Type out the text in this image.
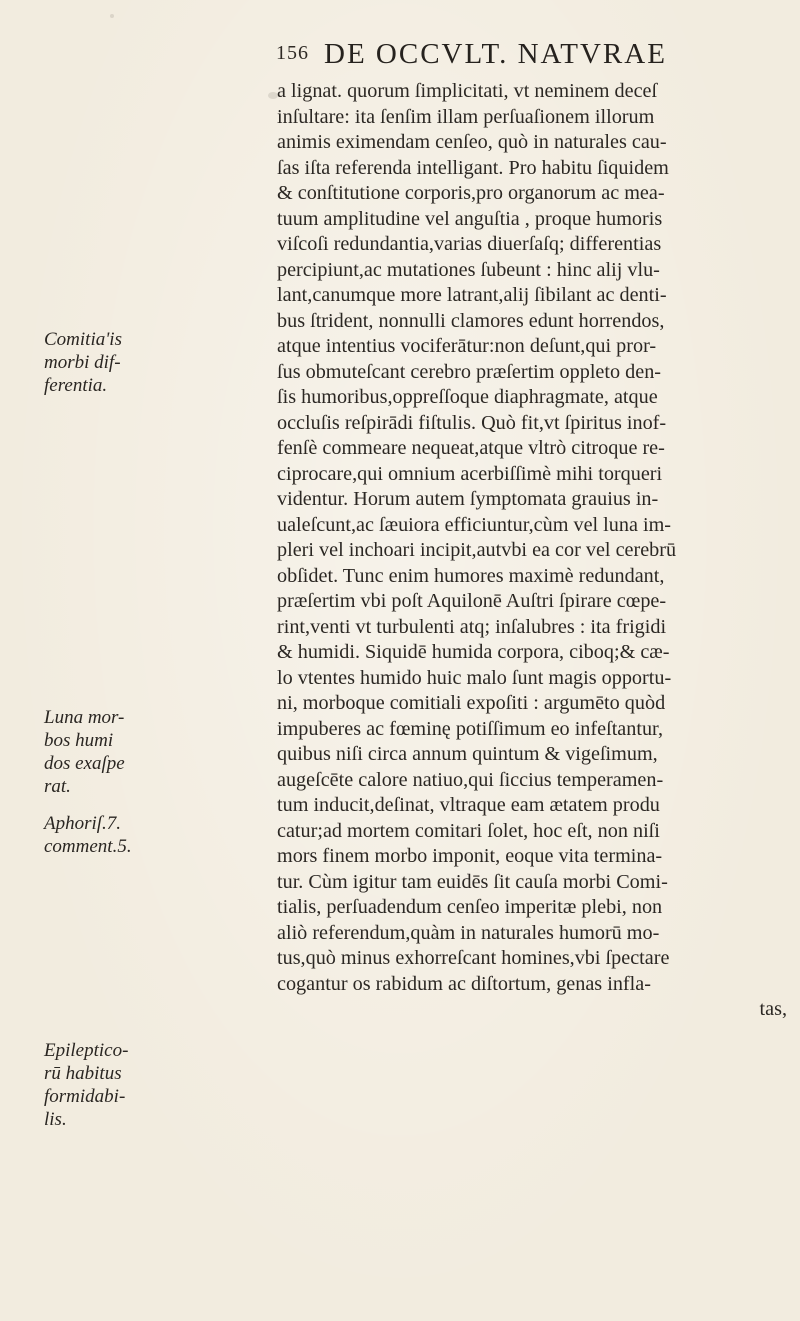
156 DE OCCVLT. NATVRAE
a lignat. quorum ſimplicitati, vt neminem deceſ
inſultare: ita ſenſim illam perſuaſionem illorum
animis eximendam cenſeo, quò in naturales cau-
ſas iſta referenda intelligant. Pro habitu ſiquidem
& conſtitutione corporis,pro organorum ac mea-
tuum amplitudine vel anguſtia , proque humoris
viſcoſi redundantia,varias diuerſaſq; differentias
percipiunt,ac mutationes ſubeunt : hinc alij vlu-
lant,canumque more latrant,alij ſibilant ac denti-
bus ſtrident, nonnulli clamores edunt horrendos,
atque intentius vociferātur:non deſunt,qui pror-
ſus obmuteſcant cerebro præſertim oppleto den-
ſis humoribus,oppreſſoque diaphragmate, atque
occluſis reſpirādi fiſtulis. Quò fit,vt ſpiritus inof-
fenſè commeare nequeat,atque vltrò citroque re-
ciprocare,qui omnium acerbiſſimè mihi torqueri
videntur. Horum autem ſymptomata grauius in-
ualeſcunt,ac ſæuiora efficiuntur,cùm vel luna im-
pleri vel inchoari incipit,autvbi ea cor vel cerebrū
obſidet. Tunc enim humores maximè redundant,
præſertim vbi poſt Aquilonē Auſtri ſpirare cœpe-
rint,venti vt turbulenti atq; inſalubres : ita frigidi
& humidi. Siquidē humida corpora, ciboq;& cæ-
lo vtentes humido huic malo ſunt magis opportu-
ni, morboque comitiali expoſiti : argumēto quòd
impuberes ac fœminę potiſſimum eo infeſtantur,
quibus niſi circa annum quintum & vigeſimum,
augeſcēte calore natiuo,qui ſiccius temperamen-
tum inducit,deſinat, vltraque eam ætatem produ
catur;ad mortem comitari ſolet, hoc eſt, non niſi
mors finem morbo imponit, eoque vita termina-
tur. Cùm igitur tam euidēs ſit cauſa morbi Comi-
tialis, perſuadendum cenſeo imperitæ plebi, non
aliò referendum,quàm in naturales humorū mo-
tus,quò minus exhorreſcant homines,vbi ſpectare
cogantur os rabidum ac diſtortum, genas infla-
tas,
Comitia'is
morbi dif-
ferentia.
Luna mor-
bos humi
dos exaſpe
rat.
Aphoriſ.7.
comment.5.
Epileptico-
rū habitus
formidabi-
lis.
